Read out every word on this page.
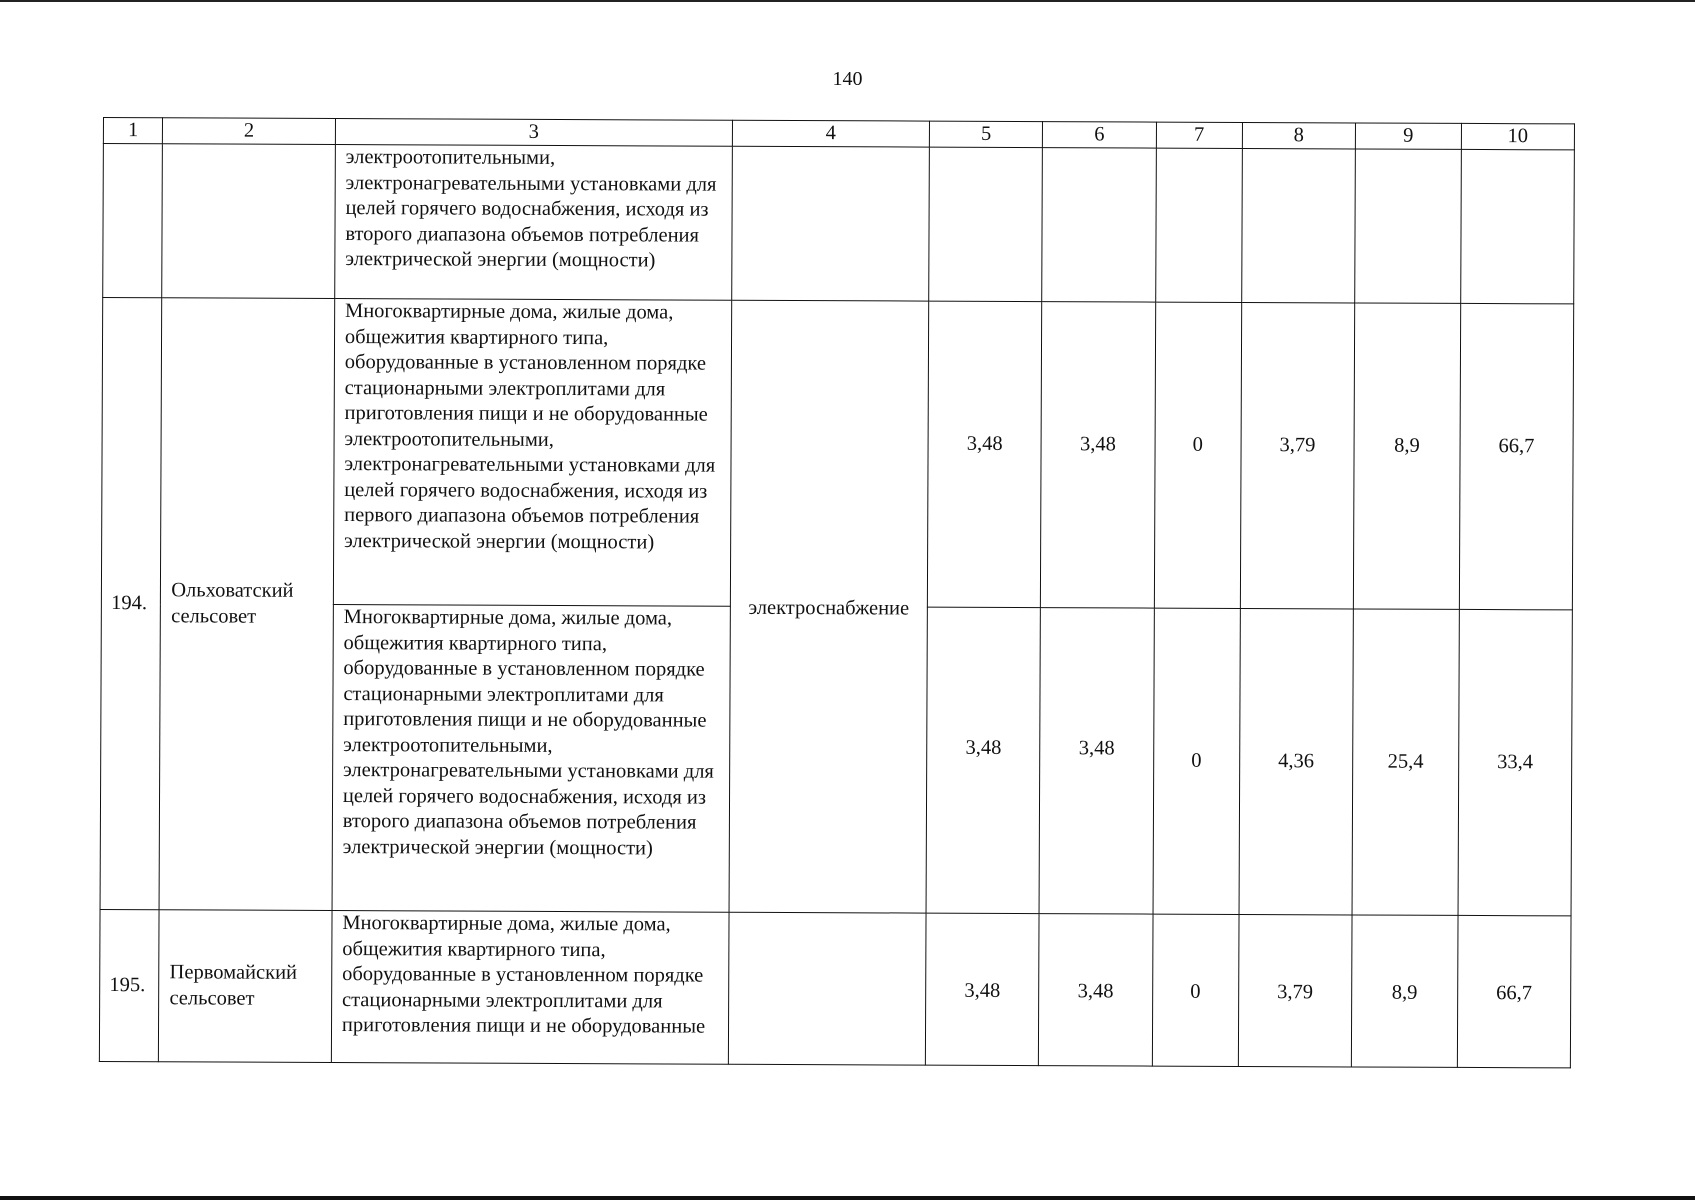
140
1	2	3	4	5	6	7	8	9	10
		электроотопительными, электронагревательными установками для целей горячего водоснабжения, исходя из второго диапазона объемов потребления электрической энергии (мощности)							
194.	Ольховатский сельсовет	Многоквартирные дома, жилые дома, общежития квартирного типа, оборудованные в установленном порядке стационарными электроплитами для приготовления пищи и не оборудованные электроотопительными, электронагревательными установками для целей горячего водоснабжения, исходя из первого диапазона объемов потребления электрической энергии (мощности)	электроснабжение	3,48	3,48	0	3,79	8,9	66,7
		Многоквартирные дома, жилые дома, общежития квартирного типа, оборудованные в установленном порядке стационарными электроплитами для приготовления пищи и не оборудованные электроотопительными, электронагревательными установками для целей горячего водоснабжения, исходя из второго диапазона объемов потребления электрической энергии (мощности)		3,48	3,48	0	4,36	25,4	33,4
195.	Первомайский сельсовет	Многоквартирные дома, жилые дома, общежития квартирного типа, оборудованные в установленном порядке стационарными электроплитами для приготовления пищи и не оборудованные		3,48	3,48	0	3,79	8,9	66,7
